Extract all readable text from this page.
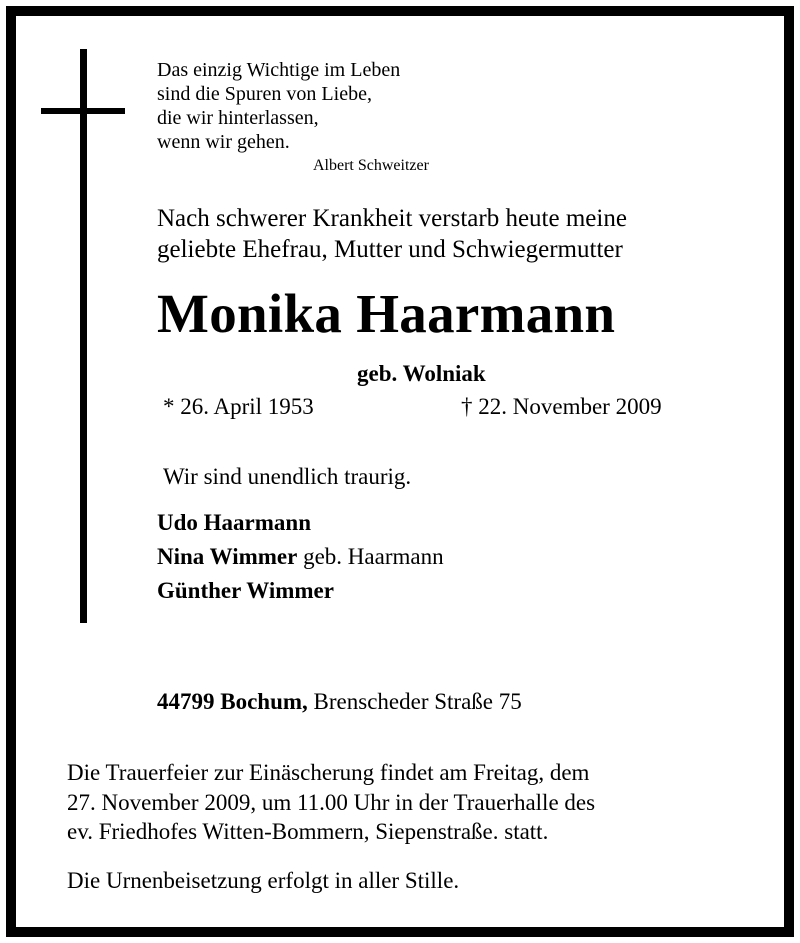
Das einzig Wichtige im Leben
sind die Spuren von Liebe,
die wir hinterlassen,
wenn wir gehen.
Albert Schweitzer
Nach schwerer Krankheit verstarb heute meine
geliebte Ehefrau, Mutter und Schwiegermutter
Monika Haarmann
geb. Wolniak
* 26. April 1953	† 22. November 2009
Wir sind unendlich traurig.
Udo Haarmann
Nina Wimmer geb. Haarmann
Günther Wimmer
44799 Bochum, Brenscheder Straße 75
Die Trauerfeier zur Einäscherung findet am Freitag, dem
27. November 2009, um 11.00 Uhr in der Trauerhalle des
ev. Friedhofes Witten-Bommern, Siepenstraße. statt.
Die Urnenbeisetzung erfolgt in aller Stille.
